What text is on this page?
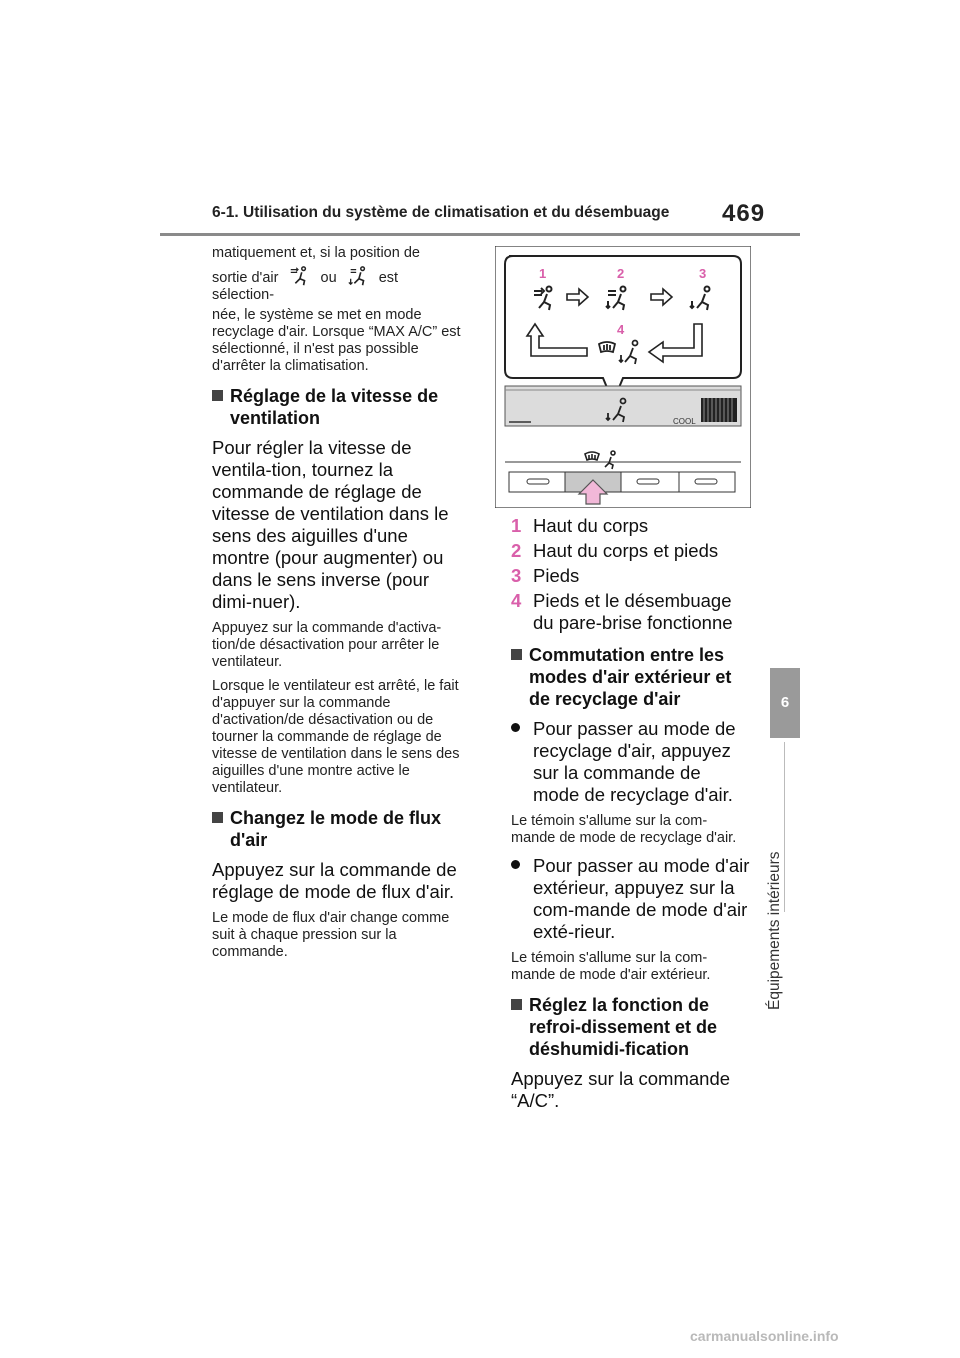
6-1. Utilisation du système de climatisation et du désembuage 469
6
Équipements intérieurs

matiquement et, si la position de

sortie d'air	ou	est sélection-

née, le système se met en mode recyclage d'air. Lorsque “MAX A/C” est sélectionné, il n'est pas possible d'arrêter la climatisation.

Réglage de la vitesse de ventilation

Pour régler la vitesse de ventila-tion, tournez la commande de réglage de vitesse de ventilation dans le sens des aiguilles d'une montre (pour augmenter) ou dans le sens inverse (pour dimi-nuer).

Appuyez sur la commande d'activa-tion/de désactivation pour arrêter le ventilateur.

Lorsque le ventilateur est arrêté, le fait d'appuyer sur la commande d'activation/de désactivation ou de tourner la commande de réglage de vitesse de ventilation dans le sens des aiguilles d'une montre active le ventilateur.

Changez le mode de flux d'air

Appuyez sur la commande de réglage de mode de flux d'air.

Le mode de flux d'air change comme suit à chaque pression sur la commande.

1	2	3
4
COOL
1 Haut du corps
2 Haut du corps et pieds
3 Pieds
4 Pieds et le désembuage du pare-brise fonctionne
Commutation entre les modes d'air extérieur et de recyclage d'air
Pour passer au mode de recyclage d'air, appuyez sur la commande de mode de recyclage d'air.

Le témoin s'allume sur la com-mande de mode de recyclage d'air.

Pour passer au mode d'air extérieur, appuyez sur la com-mande de mode d'air exté-rieur.

Le témoin s'allume sur la com-mande de mode d'air extérieur.

Réglez la fonction de refroi-dissement et de déshumidi-fication

Appuyez sur la commande “A/C”.

carmanualsonline.info
